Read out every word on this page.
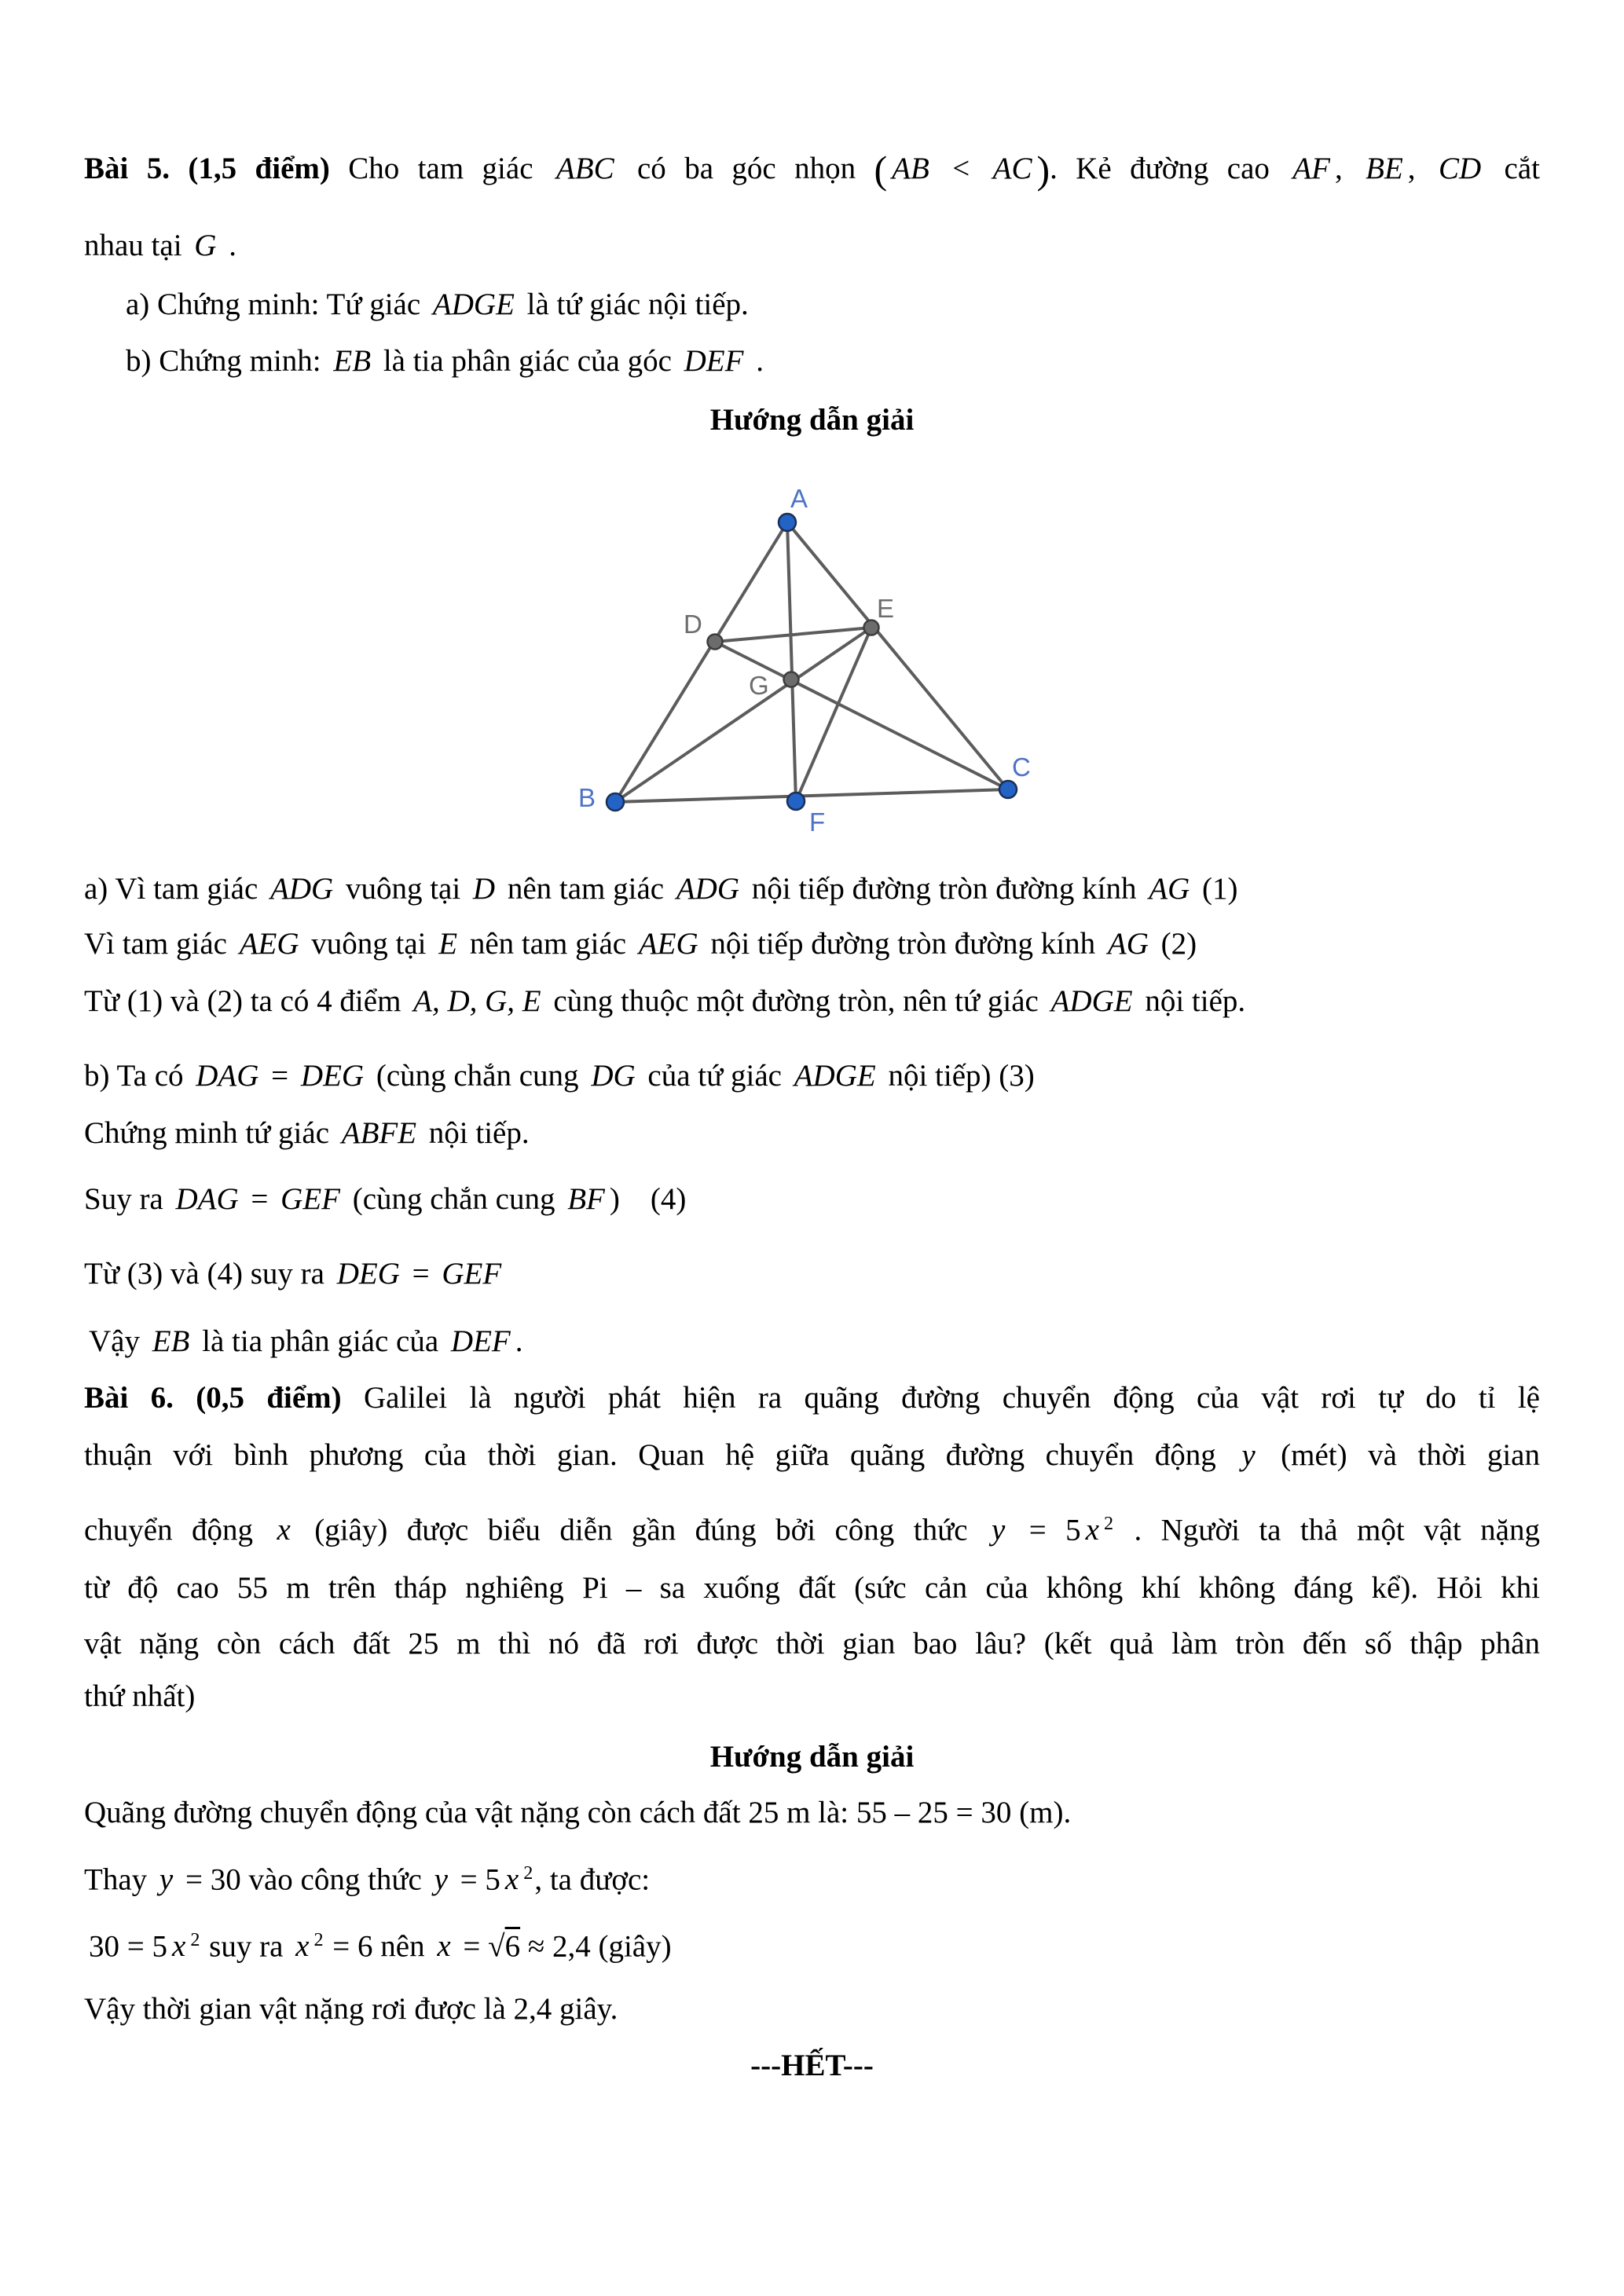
Bài 5. (1,5 điểm) Cho tam giác ABC có ba góc nhọn ( AB < AC ). Kẻ đường cao AF , BE , CD cắt
nhau tại G .
a) Chứng minh: Tứ giác ADGE là tứ giác nội tiếp.
b) Chứng minh: EB là tia phân giác của góc DEF .
Hướng dẫn giải
a) Vì tam giác ADG vuông tại D nên tam giác ADG nội tiếp đường tròn đường kính AG (1)
Vì tam giác AEG vuông tại E nên tam giác AEG nội tiếp đường tròn đường kính AG (2)
Từ (1) và (2) ta có 4 điểm A, D, G, E cùng thuộc một đường tròn, nên tứ giác ADGE nội tiếp.
b) Ta có DAG = DEG (cùng chắn cung DG của tứ giác ADGE nội tiếp) (3)
Chứng minh tứ giác ABFE nội tiếp.
Suy ra DAG = GEF (cùng chắn cung BF )    (4)
Từ (3) và (4) suy ra DEG = GEF
Vậy EB là tia phân giác của DEF .
Bài 6. (0,5 điểm) Galilei là người phát hiện ra quãng đường chuyển động của vật rơi tự do tỉ lệ
thuận với bình phương của thời gian. Quan hệ giữa quãng đường chuyển động y (mét) và thời gian
chuyển động x (giây) được biểu diễn gần đúng bởi công thức y = 5 x $^2$ . Người ta thả một vật nặng
từ độ cao 55 m trên tháp nghiêng Pi – sa xuống đất (sức cản của không khí không đáng kể). Hỏi khi
vật nặng còn cách đất 25 m thì nó đã rơi được thời gian bao lâu? (kết quả làm tròn đến số thập phân
thứ nhất)
Hướng dẫn giải
Quãng đường chuyển động của vật nặng còn cách đất 25 m là: 55 – 25 = 30 (m).
Thay y = 30 vào công thức y = 5 x $^2$, ta được:
30 = 5 x $^2$ suy ra x $^2$ = 6 nên x = √6 ≈ 2,4 (giây)
Vậy thời gian vật nặng rơi được là 2,4 giây.
---HẾT---
A
B
C
D
E
F
G
